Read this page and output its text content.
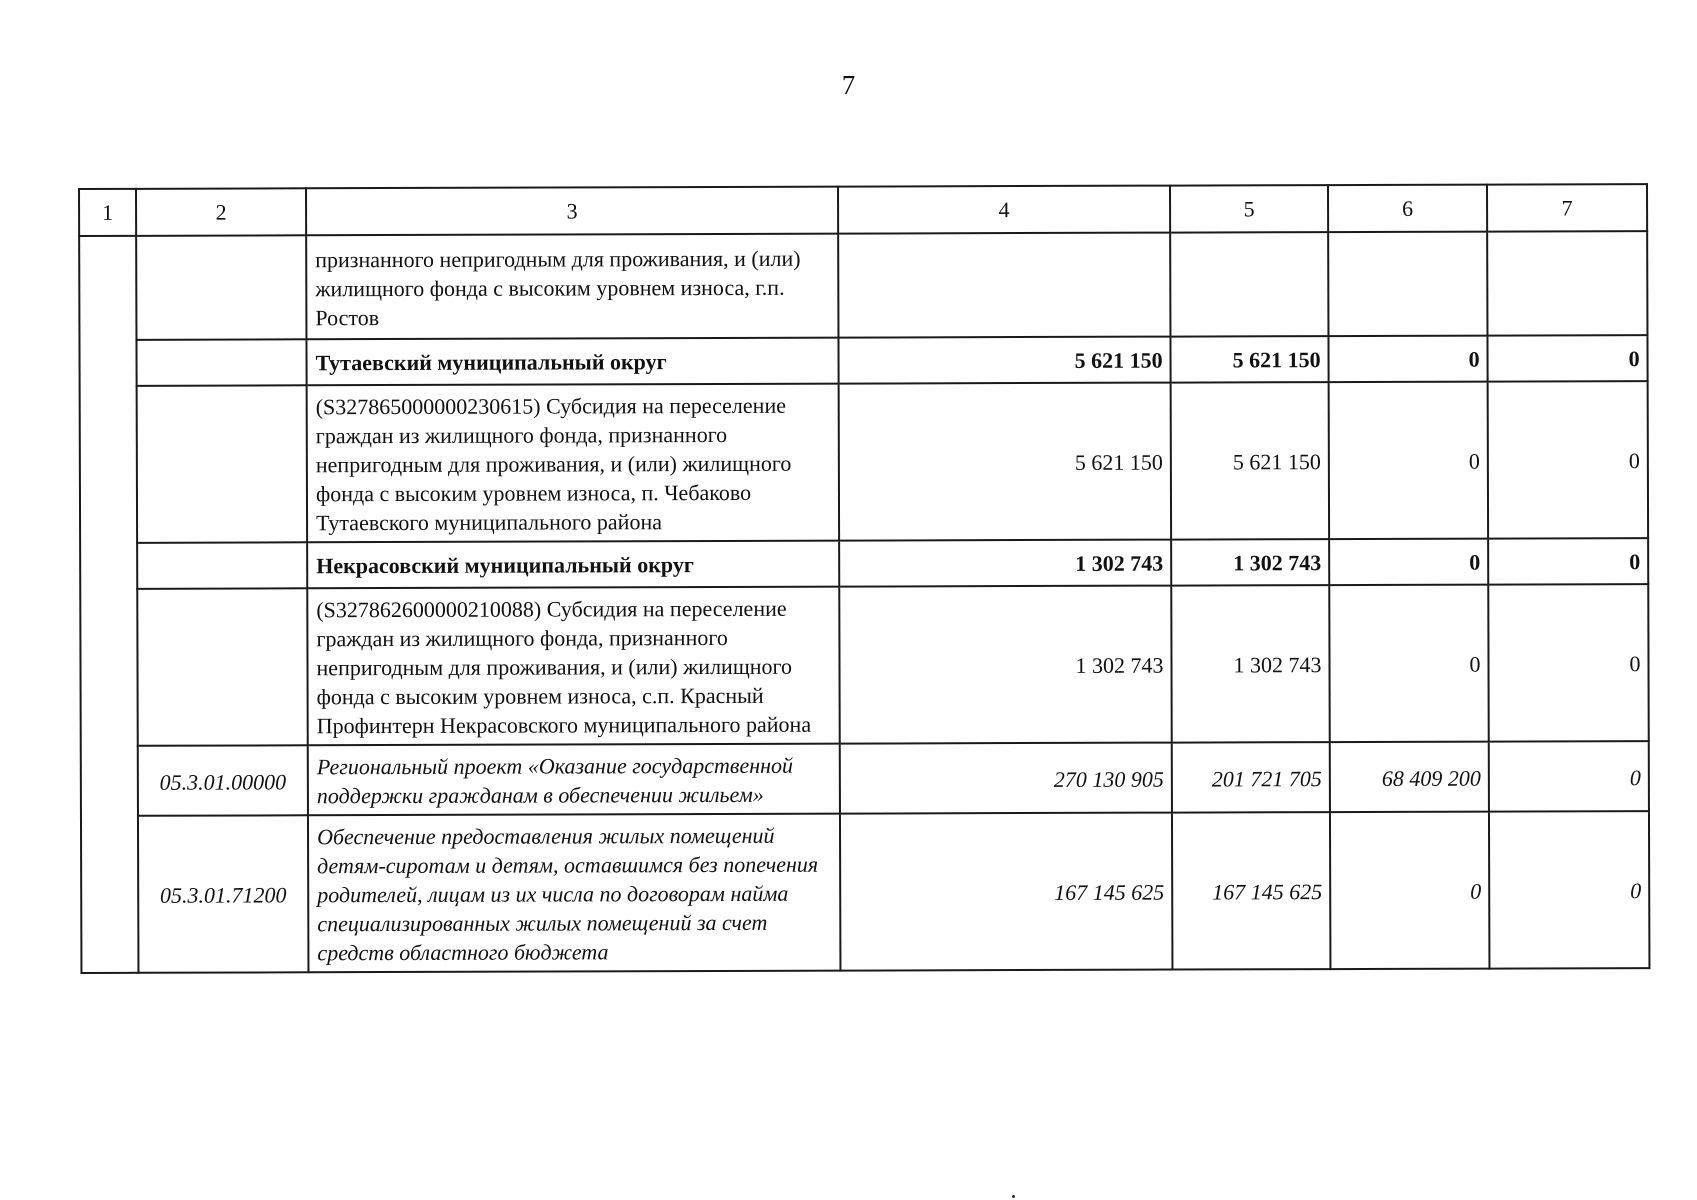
7
1	2	3	4	5	6	7
		признанного непригодным для проживания, и (или) жилищного фонда с высоким уровнем износа, г.п. Ростов				
		Тутаевский муниципальный округ	5 621 150	5 621 150	0	0
		(S327865000000230615) Субсидия на переселение граждан из жилищного фонда, признанного непригодным для проживания, и (или) жилищного фонда с высоким уровнем износа, п. Чебаково Тутаевского муниципального района	5 621 150	5 621 150	0	0
		Некрасовский муниципальный округ	1 302 743	1 302 743	0	0
		(S327862600000210088) Субсидия на переселение граждан из жилищного фонда, признанного непригодным для проживания, и (или) жилищного фонда с высоким уровнем износа, с.п. Красный Профинтерн Некрасовского муниципального района	1 302 743	1 302 743	0	0
	05.3.01.00000	Региональный проект «Оказание государственной поддержки гражданам в обеспечении жильем»	270 130 905	201 721 705	68 409 200	0
	05.3.01.71200	Обеспечение предоставления жилых помещений детям-сиротам и детям, оставшимся без попечения родителей, лицам из их числа по договорам найма специализированных жилых помещений за счет средств областного бюджета	167 145 625	167 145 625	0	0
